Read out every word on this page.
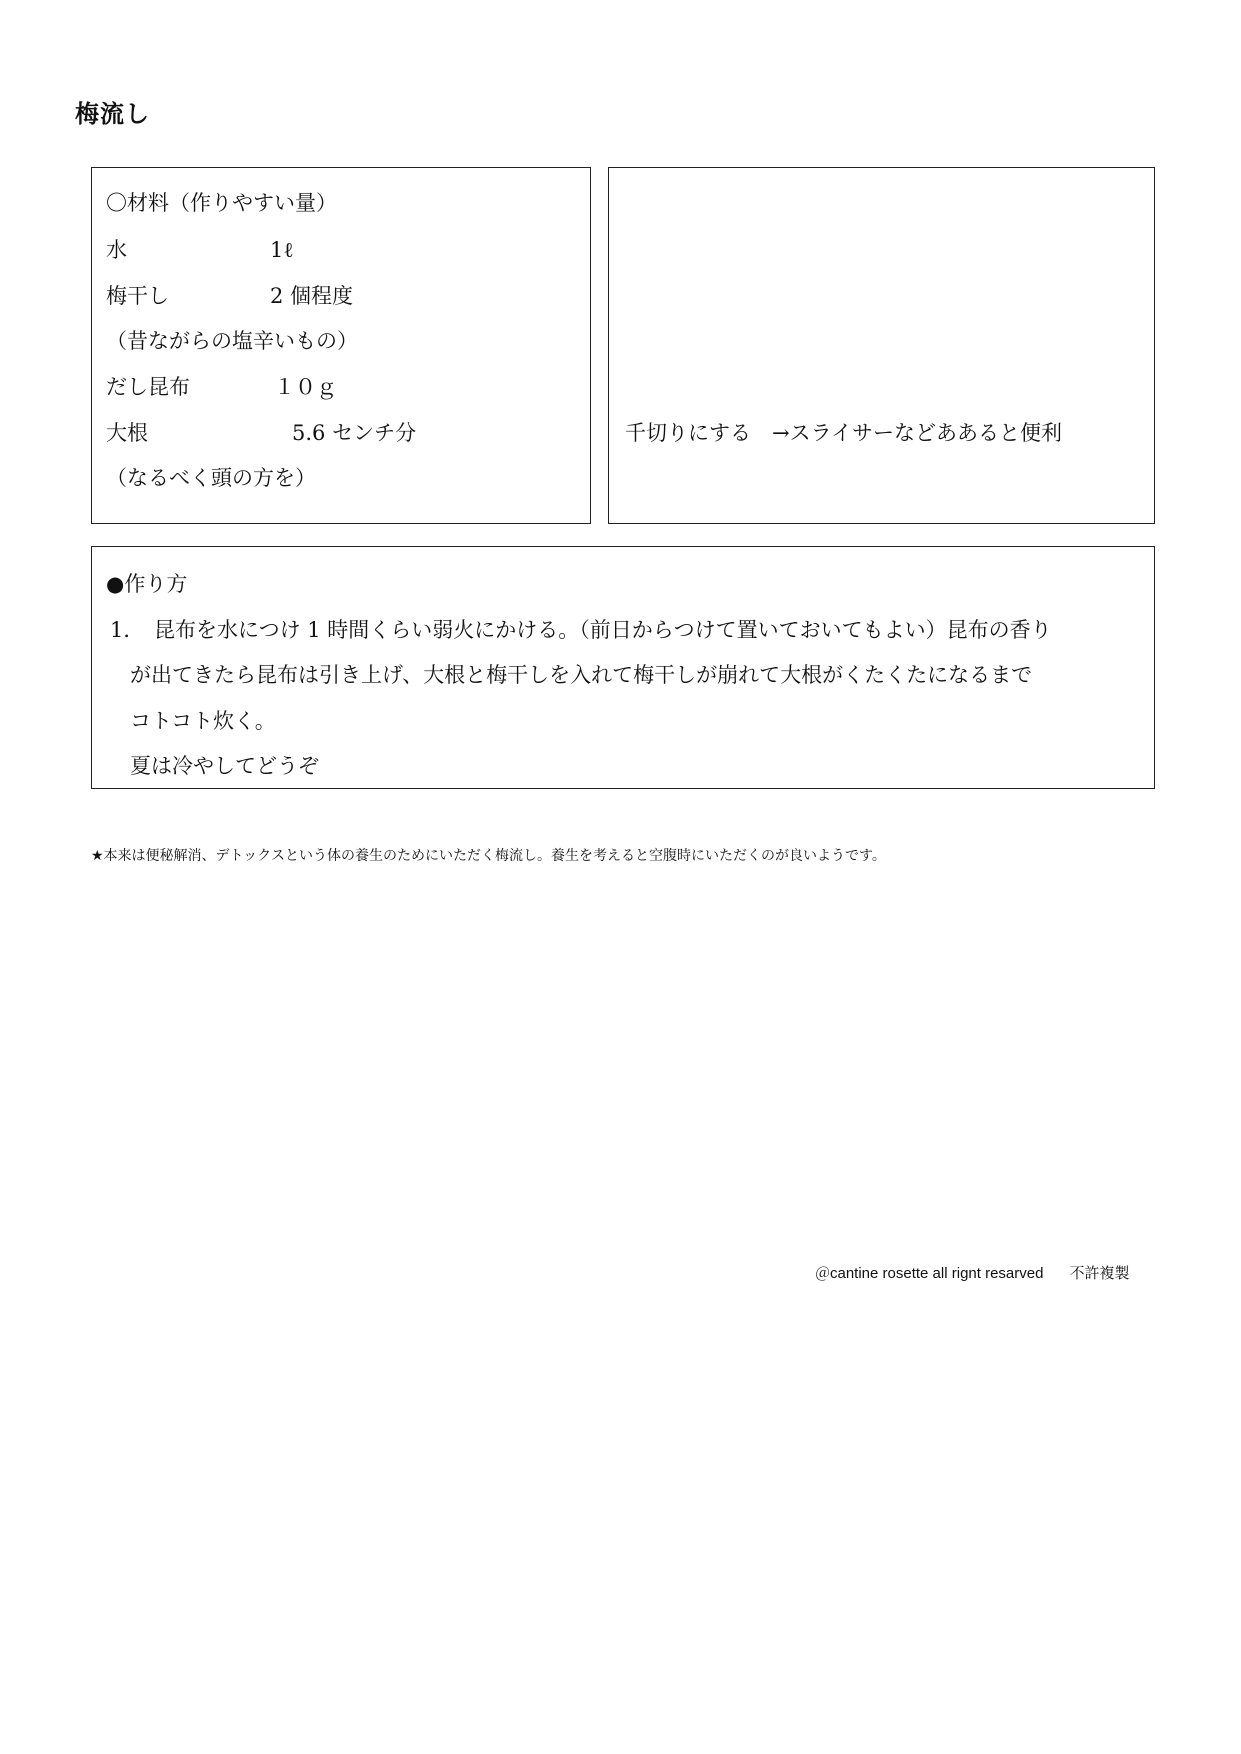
梅流し
〇材料（作りやすい量）
水	1ℓ
梅干し	2 個程度
（昔ながらの塩辛いもの）
だし昆布	１０ｇ
大根	5.6 センチ分
（なるべく頭の方を）
千切りにする　→スライサーなどああると便利
●作り方
1． 昆布を水につけ 1 時間くらい弱火にかける。（前日からつけて置いておいてもよい）昆布の香り
が出てきたら昆布は引き上げ、大根と梅干しを入れて梅干しが崩れて大根がくたくたになるまで
コトコト炊く。
夏は冷やしてどうぞ
★本来は便秘解消、デトックスという体の養生のためにいただく梅流し。養生を考えると空腹時にいただくのが良いようです。
＠cantine rosette all rignt resarved 不許複製
